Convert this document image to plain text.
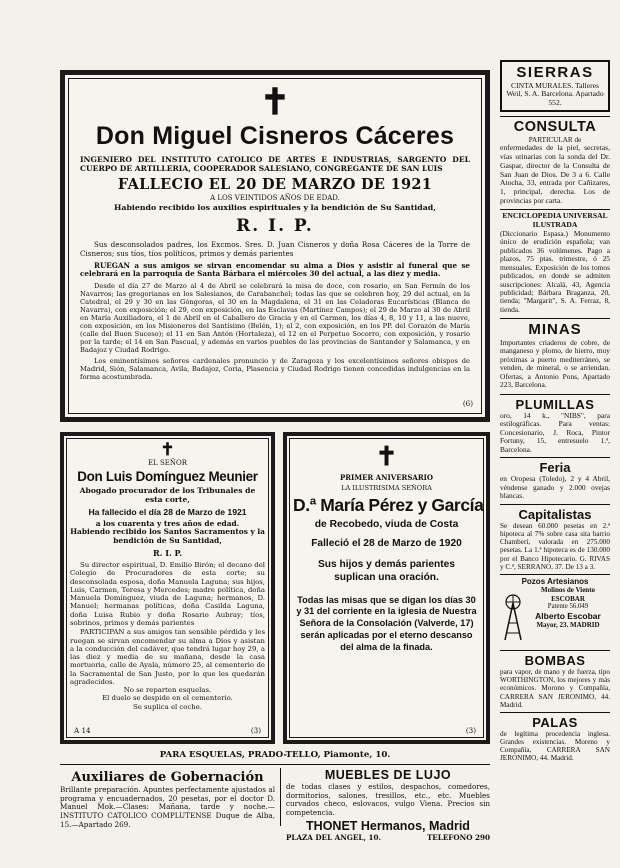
✝
Don Miguel Cisneros Cáceres
INGENIERO DEL INSTITUTO CATOLICO DE ARTES E INDUSTRIAS, SARGENTO DEL CUERPO DE ARTILLERIA, COOPERADOR SALESIANO, CONGREGANTE DE SAN LUIS
FALLECIO EL 20 DE MARZO DE 1921
A LOS VEINTIDOS AÑOS DE EDAD.
Habiendo recibido los auxilios espirituales y la bendición de Su Santidad,
R. I. P.
Sus desconsolados padres, los Excmos. Sres. D. Juan Cisneros y doña Rosa Cáceres de la Torre de Cisneros; sus tíos, tíos políticos, primos y demás parientes
RUEGAN a sus amigos se sirvan encomendar su alma a Dios y asistir al funeral que se celebrará en la parroquia de Santa Bárbara el miércoles 30 del actual, a las diez y media.
Desde el día 27 de Marzo al 4 de Abril se celebrará la misa de doce, con rosario, en San Fermín de los Navarros; las gregorianas en los Salesianos, de Carabanchel; todas las que se celebren hoy, 29 del actual, en la Catedral, el 29 y 30 en las Góngoras, el 30 en la Magdalena, el 31 en las Celadoras Eucarísticas (Blanca de Navarra), con exposición; el 29, con exposición, en las Esclavas (Martínez Campos); el 29 de Marzo al 30 de Abril en María Auxiliadora, el 1 de Abril en el Caballero de Gracia y en el Carmen, los días 4, 8, 10 y 11, a las nueve, con exposición, en los Misioneros del Santísimo (Belén, 1); el 2, con exposición, en los PP. del Corazón de María (calle del Buen Suceso); el 11 en San Antón (Hortaleza), el 12 en el Perpetuo Socorro, con exposición, y rosario por la tarde; el 14 en San Pascual, y además en varios pueblos de las provincias de Santander y Salamanca, y en Badajoz y Ciudad Rodrigo.
Los eminentísimos señores cardenales pronuncio y de Zaragoza y los excelentísimos señores obispos de Madrid, Sión, Salamanca, Avila, Badajoz, Coria, Plasencia y Ciudad Rodrigo tienen concedidas indulgencias en la forma acostumbrada.
(6)
✝
EL SEÑOR
Don Luis Domínguez Meunier
Abogado procurador de los Tribunales de esta corte,
Ha fallecido el día 28 de Marzo de 1921
a los cuarenta y tres años de edad.
Habiendo recibido los Santos Sacramentos y la bendición de Su Santidad,
R. I. P.
Su director espiritual, D. Emilio Birón; el decano del Colegio de Procuradores de esta corte; su desconsolada esposa, doña Manuela Laguna; sus hijos, Luis, Carmen, Teresa y Mercedes; madre política, doña Manuela Domínguez, viuda de Laguna; hermanos, D. Manuel; hermanas políticas, doña Casilda Laguna, doña Luisa Rubio y doña Rosario Aubray; tíos, sobrinos, primos y demás parientes
PARTICIPAN a sus amigos tan sensible pérdida y les ruegan se sirvan encomendar su alma a Dios y asistan a la conducción del cadáver, que tendrá lugar hoy 29, a las diez y media de su mañana, desde la casa mortuoria, calle de Ayala, número 25, al cementerio de la Sacramental de San Justo, por lo que les quedarán agradecidos.
No se reparten esquelas.
El duelo se despide en el cementerio.
Se suplica el coche.
A 14	(3)
✝
PRIMER ANIVERSARIO
LA ILUSTRISIMA SEÑORA
D.ª María Pérez y García
de Recobedo, viuda de Costa
Falleció el 28 de Marzo de 1920
Sus hijos y demás parientes suplican una oración.
Todas las misas que se digan los días 30 y 31 del corriente en la iglesia de Nuestra Señora de la Consolación (Valverde, 17) serán aplicadas por el eterno descanso del alma de la finada.
(3)
PARA ESQUELAS, PRADO-TELLO, Piamonte, 10.
Auxiliares de Gobernación
Brillante preparación. Apuntes perfectamente ajustados al programa y encuadernados, 20 pesetas, por el doctor D. Manuel Mok.—Clases: Mañana, tarde y noche.—INSTITUTO CATOLICO COMPLUTENSE Duque de Alba, 15.—Apartado 269.
MUEBLES DE LUJO
de todas clases y estilos, despachos, comedores, dormitorios, salones, tresillos, etc., etc. Muebles curvados checo, eslovacos, vulgo Viena. Precios sin competencia.
THONET Hermanos, Madrid
PLAZA DEL ANGEL, 10.	TELEFONO 290
SIERRAS
CINTA MURALES. Talleres Weil, S. A. Barcelona. Apartado 552.
CONSULTA
PARTICULAR de
enfermedades de la piel, secretas, vías urinarias con la sonda del Dr. Gaspar, director de la Consulta de San Juan de Dios. De 3 a 6. Calle Atocha, 33, entrada por Cañizares, 1, principal, derecha. Los de provincias por carta.
ENCICLOPEDIA UNIVERSAL ILUSTRADA
(Diccionario Espasa.) Monumento único de erudición española; van publicados 36 volúmenes. Pago a plazos, 75 ptas. trimestre, ó 25 mensuales. Exposición de los tomos publicados, en donde se admiten suscripciones: Alcalá, 43, Agencia publicidad; Bárbara Braganza, 20, tienda; "Margarit", S. A. Ferraz, 8, tienda.
MINAS
Importantes criaderos de cobre, de manganeso y plomo, de hierro, muy próximas a puerto mediterráneo, se venden, de mineral, o se arriendan. Ofertas, a Antonio Pons, Apartado 223, Barcelona.
PLUMILLAS
oro, 14 k., "NIBS", para estilográficas. Para ventas: Concesionario, J. Roca, Pintor Fortuny, 15, entresuelo 1.ª, Barcelona.
Feria
en Oropesa (Toledo), 2 y 4 Abril, véndense ganado y 2.000 ovejas blancas.
Capitalistas
Se desean 60.000 pesetas en 2.ª hipoteca al 7% sobre casa sita barrio Chamberí, valorada en 275.000 pesetas. La 1.ª hipoteca es de 130.000 por el Banco Hipotecario. G. RIVAS y C.ª, SERRANO, 37. De 13 a 3.
Pozos Artesianos
Molinos de Viento
ESCOBAR
Patente 56.049
Alberto Escobar
Mayor, 23. MADRID
BOMBAS
para vapor, de mano y de fuerza, tipo WORTHINGTON, los mejores y más económicos. Morono y Compañía, CARRERA SAN JERONIMO, 44. Madrid.
PALAS
de legítima procedencia inglesa. Grandes existencias. Moreno y Compañía, CARRERA SAN JERONIMO, 44. Madrid.
